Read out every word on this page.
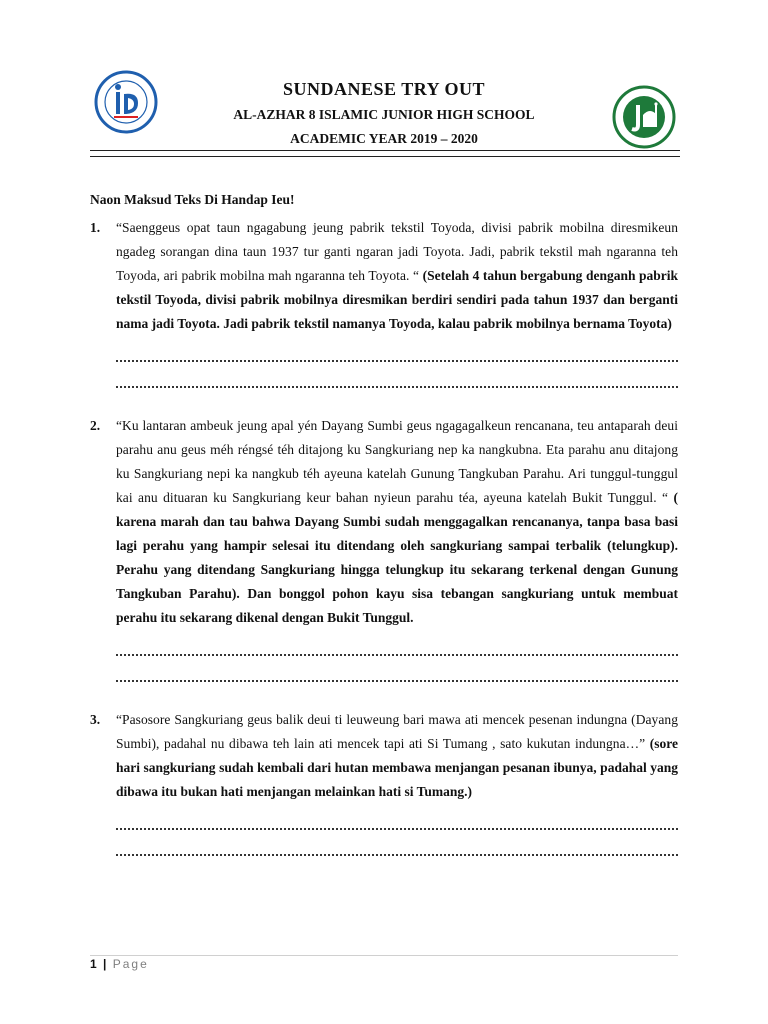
SUNDANESE TRY OUT

AL-AZHAR 8 ISLAMIC JUNIOR HIGH SCHOOL

ACADEMIC YEAR 2019 – 2020

Naon Maksud Teks Di Handap Ieu!

1. “Saenggeus opat taun ngagabung jeung pabrik tekstil Toyoda, divisi pabrik mobilna diresmikeun ngadeg sorangan dina taun 1937 tur ganti ngaran jadi Toyota. Jadi, pabrik tekstil mah ngaranna teh Toyoda, ari pabrik mobilna mah ngaranna teh Toyota. “ (Setelah 4 tahun bergabung denganh pabrik tekstil Toyoda, divisi pabrik mobilnya diresmikan berdiri sendiri pada tahun 1937 dan berganti nama jadi Toyota. Jadi pabrik tekstil namanya Toyoda, kalau pabrik mobilnya bernama Toyota)
2. “Ku lantaran ambeuk jeung apal yén Dayang Sumbi geus ngagagalkeun rencanana, teu antaparah deui parahu anu geus méh réngsé téh ditajong ku Sangkuriang nep ka nangkubna. Eta parahu anu ditajong ku Sangkuriang nepi ka nangkub téh ayeuna katelah Gunung Tangkuban Parahu. Ari tunggul-tunggul kai anu dituaran ku Sangkuriang keur bahan nyieun parahu téa, ayeuna katelah Bukit Tunggul. “ ( karena marah dan tau bahwa Dayang Sumbi sudah menggagalkan rencananya, tanpa basa basi lagi perahu yang hampir selesai itu ditendang oleh sangkuriang sampai terbalik (telungkup). Perahu yang ditendang Sangkuriang hingga telungkup itu sekarang terkenal dengan Gunung Tangkuban Parahu). Dan bonggol pohon kayu sisa tebangan sangkuriang untuk membuat perahu itu sekarang dikenal dengan Bukit Tunggul.
3. “Pasosore Sangkuriang geus balik deui ti leuweung bari mawa ati mencek pesenan indungna (Dayang Sumbi), padahal nu dibawa teh lain ati mencek tapi ati Si Tumang , sato kukutan indungna…” (sore hari sangkuriang sudah kembali dari hutan membawa menjangan pesanan ibunya, padahal yang dibawa itu bukan hati menjangan melainkan hati si Tumang.)
1 | Page
